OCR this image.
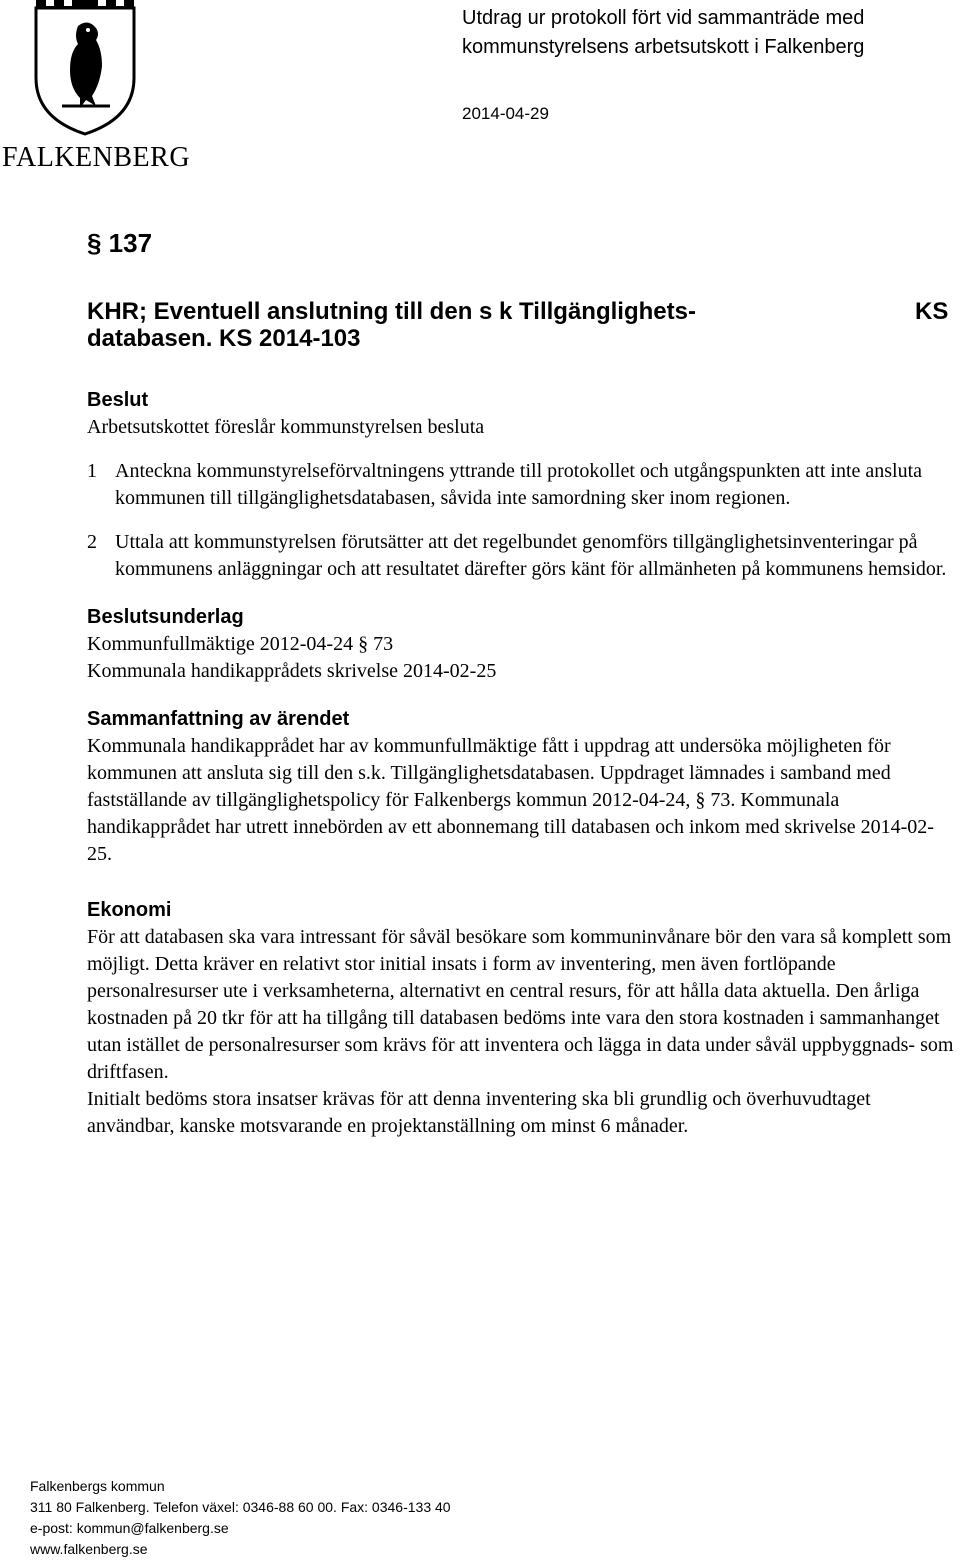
FALKENBERG
Utdrag ur protokoll fört vid sammanträde med
kommunstyrelsens arbetsutskott i Falkenberg
2014-04-29
§ 137
KHR; Eventuell anslutning till den s k Tillgänglighets-
databasen. KS 2014-103
KS
Beslut
Arbetsutskottet föreslår kommunstyrelsen besluta
1 Anteckna kommunstyrelseförvaltningens yttrande till protokollet och utgångspunkten att inte ansluta kommunen till tillgänglighetsdatabasen, såvida inte samordning sker inom regionen.
2 Uttala att kommunstyrelsen förutsätter att det regelbundet genomförs tillgänglighetsinventeringar på kommunens anläggningar och att resultatet därefter görs känt för allmänheten på kommunens hemsidor.
Beslutsunderlag
Kommunfullmäktige 2012-04-24 § 73
Kommunala handikapprådets skrivelse 2014-02-25
Sammanfattning av ärendet
Kommunala handikapprådet har av kommunfullmäktige fått i uppdrag att undersöka möjligheten för kommunen att ansluta sig till den s.k. Tillgänglighetsdatabasen. Uppdraget lämnades i samband med fastställande av tillgänglighetspolicy för Falkenbergs kommun 2012-04-24, § 73. Kommunala handikapprådet har utrett innebörden av ett abonnemang till databasen och inkom med skrivelse 2014-02-25.
Ekonomi
För att databasen ska vara intressant för såväl besökare som kommuninvånare bör den vara så komplett som möjligt. Detta kräver en relativt stor initial insats i form av inventering, men även fortlöpande personalresurser ute i verksamheterna, alternativt en central resurs, för att hålla data aktuella. Den årliga kostnaden på 20 tkr för att ha tillgång till databasen bedöms inte vara den stora kostnaden i sammanhanget utan istället de personalresurser som krävs för att inventera och lägga in data under såväl uppbyggnads- som driftfasen.
Initialt bedöms stora insatser krävas för att denna inventering ska bli grundlig och överhuvudtaget användbar, kanske motsvarande en projektanställning om minst 6 månader.
Falkenbergs kommun
311 80 Falkenberg. Telefon växel: 0346-88 60 00. Fax: 0346-133 40
e-post: kommun@falkenberg.se
www.falkenberg.se
